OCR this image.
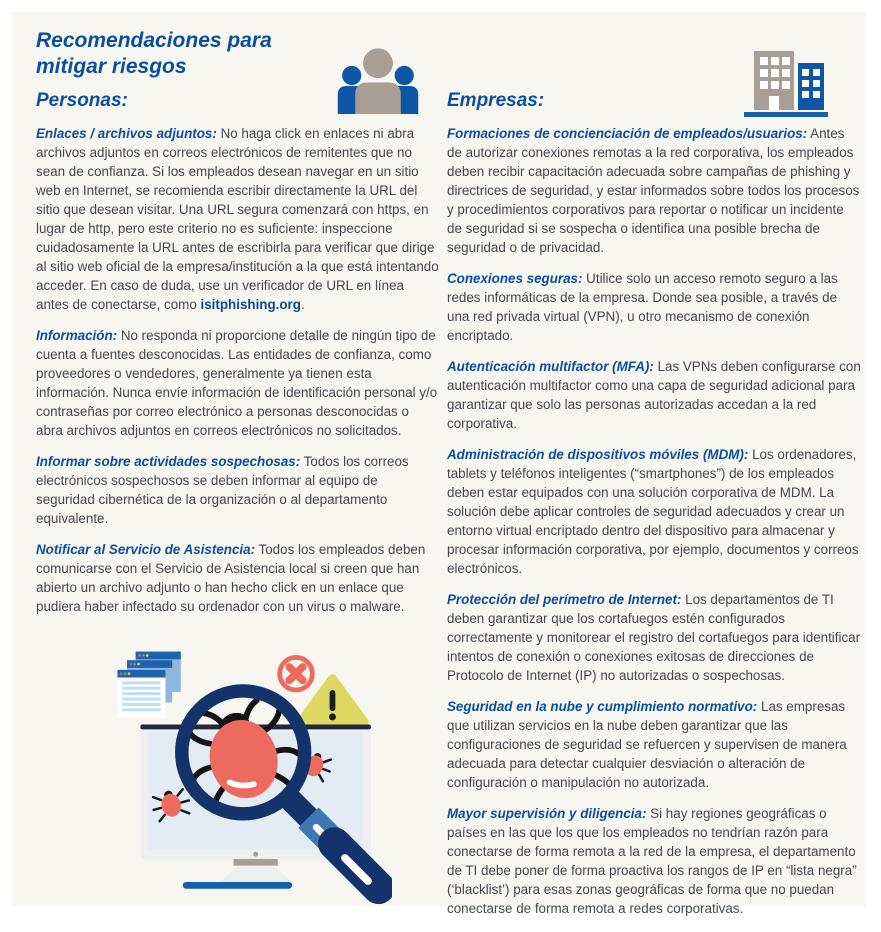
Recomendaciones para
mitigar riesgos
Personas:

Enlaces / archivos adjuntos: No haga click en enlaces ni abra archivos adjuntos en correos electrónicos de remitentes que no sean de confianza. Si los empleados desean navegar en un sitio web en Internet, se recomienda escribir directamente la URL del sitio que desean visitar. Una URL segura comenzará con https, en lugar de http, pero este criterio no es suficiente: inspeccione cuidadosamente la URL antes de escribirla para verificar que dirige al sitio web oficial de la empresa/institución a la que está intentando acceder. En caso de duda, use un verificador de URL en línea antes de conectarse, como isitphishing.org.

Información: No responda ni proporcione detalle de ningún tipo de cuenta a fuentes desconocidas. Las entidades de confianza, como proveedores o vendedores, generalmente ya tienen esta información. Nunca envíe información de identificación personal y/o contraseñas por correo electrónico a personas desconocidas o abra archivos adjuntos en correos electrónicos no solicitados.

Informar sobre actividades sospechosas: Todos los correos electrónicos sospechosos se deben informar al equipo de seguridad cibernética de la organización o al departamento equivalente.

Notificar al Servicio de Asistencia: Todos los empleados deben comunicarse con el Servicio de Asistencia local si creen que han abierto un archivo adjunto o han hecho click en un enlace que pudiera haber infectado su ordenador con un virus o malware.

Empresas:

Formaciones de concienciación de empleados/usuarios: Antes de autorizar conexiones remotas a la red corporativa, los empleados deben recibir capacitación adecuada sobre campañas de phishing y directrices de seguridad, y estar informados sobre todos los procesos y procedimientos corporativos para reportar o notificar un incidente de seguridad si se sospecha o identifica una posible brecha de seguridad o de privacidad.

Conexiones seguras: Utilice solo un acceso remoto seguro a las redes informáticas de la empresa. Donde sea posible, a través de una red privada virtual (VPN), u otro mecanismo de conexión encriptado.

Autenticación multifactor (MFA): Las VPNs deben configurarse con autenticación multifactor como una capa de seguridad adicional para garantizar que solo las personas autorizadas accedan a la red corporativa.

Administración de dispositivos móviles (MDM): Los ordenadores, tablets y teléfonos inteligentes (“smartphones”) de los empleados deben estar equipados con una solución corporativa de MDM. La solución debe aplicar controles de seguridad adecuados y crear un entorno virtual encriptado dentro del dispositivo para almacenar y procesar información corporativa, por ejemplo, documentos y correos electrónicos.

Protección del perímetro de Internet: Los departamentos de TI deben garantizar que los cortafuegos estén configurados correctamente y monitorear el registro del cortafuegos para identificar intentos de conexión o conexiones exitosas de direcciones de Protocolo de Internet (IP) no autorizadas o sospechosas.

Seguridad en la nube y cumplimiento normativo: Las empresas que utilizan servicios en la nube deben garantizar que las configuraciones de seguridad se refuercen y supervisen de manera adecuada para detectar cualquier desviación o alteración de configuración o manipulación no autorizada.

Mayor supervisión y diligencia: Si hay regiones geográficas o países en las que los que los empleados no tendrían razón para conectarse de forma remota a la red de la empresa, el departamento de TI debe poner de forma proactiva los rangos de IP en “lista negra” (‘blacklist’) para esas zonas geográficas de forma que no puedan conectarse de forma remota a redes corporativas.
